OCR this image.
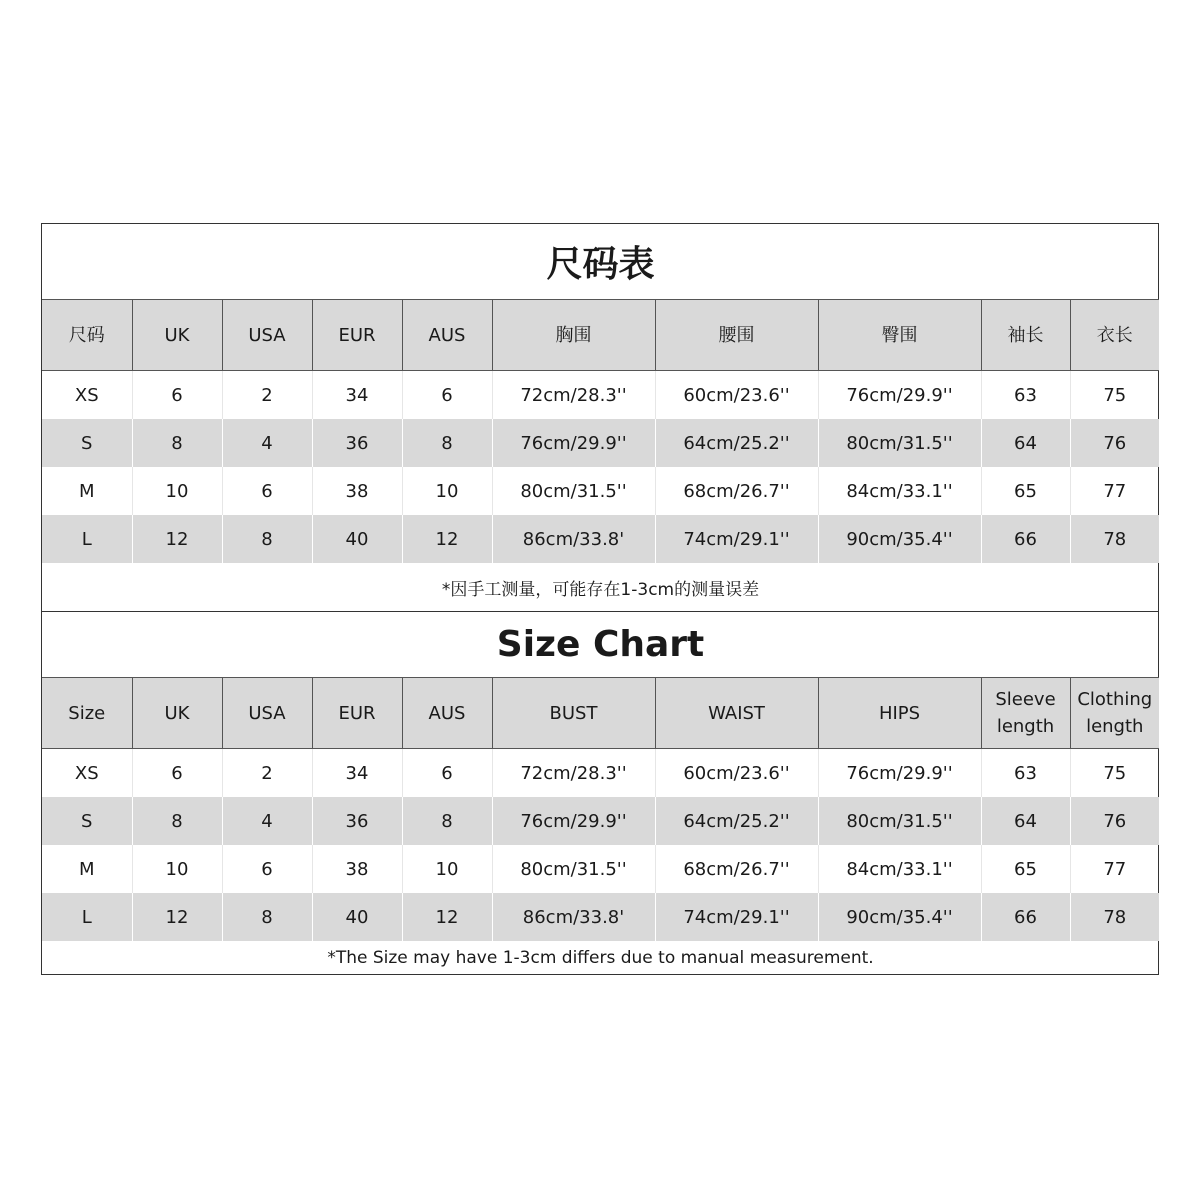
尺码表									
尺码	UK	USA	EUR	AUS	胸围	腰围	臀围	袖长	衣长
XS	6	2	34	6	72cm/28.3''	60cm/23.6''	76cm/29.9''	63	75
S	8	4	36	8	76cm/29.9''	64cm/25.2''	80cm/31.5''	64	76
M	10	6	38	10	80cm/31.5''	68cm/26.7''	84cm/33.1''	65	77
L	12	8	40	12	86cm/33.8'	74cm/29.1''	90cm/35.4''	66	78
*因手工测量，可能存在1-3cm的测量误差									
Size Chart									
Size	UK	USA	EUR	AUS	BUST	WAIST	HIPS	Sleeve length	Clothing length
XS	6	2	34	6	72cm/28.3''	60cm/23.6''	76cm/29.9''	63	75
S	8	4	36	8	76cm/29.9''	64cm/25.2''	80cm/31.5''	64	76
M	10	6	38	10	80cm/31.5''	68cm/26.7''	84cm/33.1''	65	77
L	12	8	40	12	86cm/33.8'	74cm/29.1''	90cm/35.4''	66	78
*The Size may have 1-3cm differs due to manual measurement.									
